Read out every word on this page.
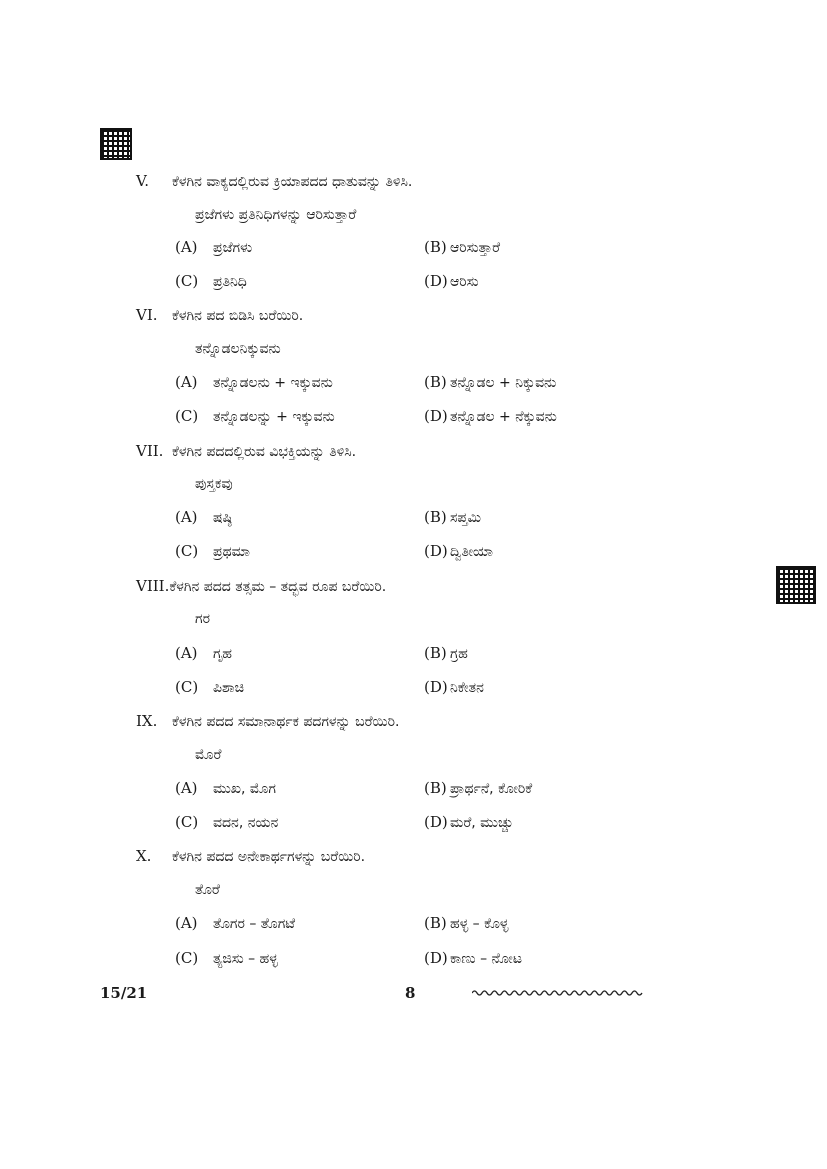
V. ಕೆಳಗಿನ ವಾಕ್ಯದಲ್ಲಿರುವ ಕ್ರಿಯಾಪದದ ಧಾತುವನ್ನು ತಿಳಿಸಿ.
ಪ್ರಜೆಗಳು ಪ್ರತಿನಿಧಿಗಳನ್ನು ಆರಿಸುತ್ತಾರೆ
(A) ಪ್ರಜೆಗಳು	(B) ಆರಿಸುತ್ತಾರೆ
(C) ಪ್ರತಿನಿಧಿ	(D) ಆರಿಸು
VI. ಕೆಳಗಿನ ಪದ ಬಿಡಿಸಿ ಬರೆಯಿರಿ.
ತನ್ನೊಡಲನಿಕ್ಕುವನು
(A) ತನ್ನೊಡಲನು + ಇಕ್ಕುವನು	(B) ತನ್ನೊಡಲ + ನಿಕ್ಕುವನು
(C) ತನ್ನೊಡಲನ್ನು + ಇಕ್ಕುವನು	(D) ತನ್ನೊಡಲ + ನೆಕ್ಕುವನು
VII. ಕೆಳಗಿನ ಪದದಲ್ಲಿರುವ ವಿಭಕ್ತಿಯನ್ನು ತಿಳಿಸಿ.
ಪುಸ್ತಕವು
(A) ಷಷ್ಠಿ	(B) ಸಪ್ತಮಿ
(C) ಪ್ರಥಮಾ	(D) ದ್ವಿತೀಯಾ
VIII.ಕೆಳಗಿನ ಪದದ ತತ್ಸಮ – ತದ್ಭವ ರೂಪ ಬರೆಯಿರಿ.
ಗರ
(A) ಗೃಹ	(B) ಗ್ರಹ
(C) ಪಿಶಾಚಿ	(D) ನಿಕೇತನ
IX. ಕೆಳಗಿನ ಪದದ ಸಮಾನಾರ್ಥಕ ಪದಗಳನ್ನು ಬರೆಯಿರಿ.
ಮೊರೆ
(A) ಮುಖ, ಮೊಗ	(B) ಪ್ರಾರ್ಥನೆ, ಕೋರಿಕೆ
(C) ವದನ, ನಯನ	(D) ಮರೆ, ಮುಚ್ಚು
X. ಕೆಳಗಿನ ಪದದ ಅನೇಕಾರ್ಥಗಳನ್ನು ಬರೆಯಿರಿ.
ತೊರೆ
(A) ತೊಗರ – ತೊಗಟೆ	(B) ಹಳ್ಳ – ಕೊಳ್ಳ
(C) ತ್ಯಜಿಸು – ಹಳ್ಳ	(D) ಕಾಣು – ನೋಟ
15/21	8
